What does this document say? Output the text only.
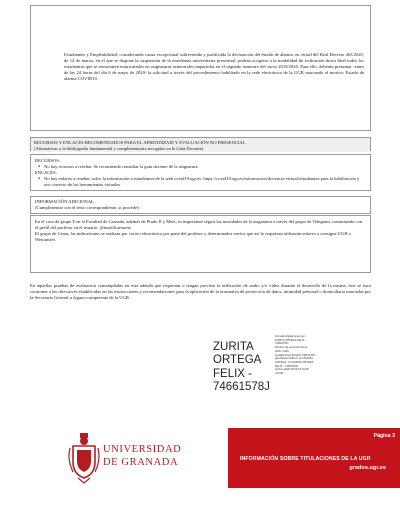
Estudiantes y Empleabilidad, considerando causa excepcional sobrevenida y justificada la declaración del estado de alarma, en virtud del Real Decreto 463/2020, de 14 de marzo, en el que se dispone la suspensión de la enseñanza universitaria presencial, podrán acogerse a la modalidad de evaluación única final todos los estudiantes que se encuentren matriculados en asignaturas semestrales impartidas en el segundo semestre del curso 2019/2020. Para ello, deberán presentar -antes de las 24 horas del día 6 de mayo de 2020- la solicitud a través del procedimiento habilitado en la sede electrónica de la UGR marcando el motivo: Estado de alarma COVID19.
RECURSOS Y ENLACES RECOMENDADOS PARA EL APRENDIZAJE Y EVALUACIÓN NO PRESENCIAL
(Alternativas a la bibliografía fundamental y complementaria recogidas en la Guía Docente)
RECURSOS:
● No hay recursos a reseñar. Se recomienda consultar la guía docente de la asignatura.
ENLACES:
● No hay enlaces a reseñar, salvo la información a estudiantes de la web covid19.ugr.es: https://covid19.ugr.es/informacion/docencia-virtual/estudiantes para la habilitación y uso correcto de las herramientas virtuales.
INFORMACIÓN ADICIONAL
(Cumplimentar con el texto correspondiente, si procede)
En el caso de grupo F en la Facultad de Granada, además de Prado II y Meet, es importante seguir las novedades de la asignatura a través del grupo de Telegram, contactando con el perfil del profesor en el usuario: @marillcarmona
El grupo de Ceuta, las indicaciones se realizan por correo electrónico por parte del profesor y determinados envíos que así lo requieran utilizarán enlaces a consigna UGR o Wetransfer.
En aquellas pruebas de evaluación contempladas en esta adenda que requieran o tengan previsto la utilización de audio y/o vídeo durante el desarrollo de la misma, éste se hará conforme a las directrices establecidas en las instrucciones y recomendaciones para la aplicación de la normativa de protección de datos, intimidad personal o domiciliaria marcadas por la Secretaría General u órgano competente de la UGR.
ZURITA
ORTEGA
FELIX -
74661578J
Firmado digitalmente por
ZURITA ORTEGA FELIX -
74661578J
Nombre de reconocimiento
(DN): c=ES,
serialNumber=IDCES-74661578J,
givenName=FELIX, sn=ZURITA
ORTEGA, cn=ZURITA ORTEGA
FELIX - 74661578J
Fecha: 2020.05.06 07:04:45
+02'00'
UNIVERSIDAD
DE GRANADA
Página 3
INFORMACIÓN SOBRE TITULACIONES DE LA UGR
grados.ugr.es
